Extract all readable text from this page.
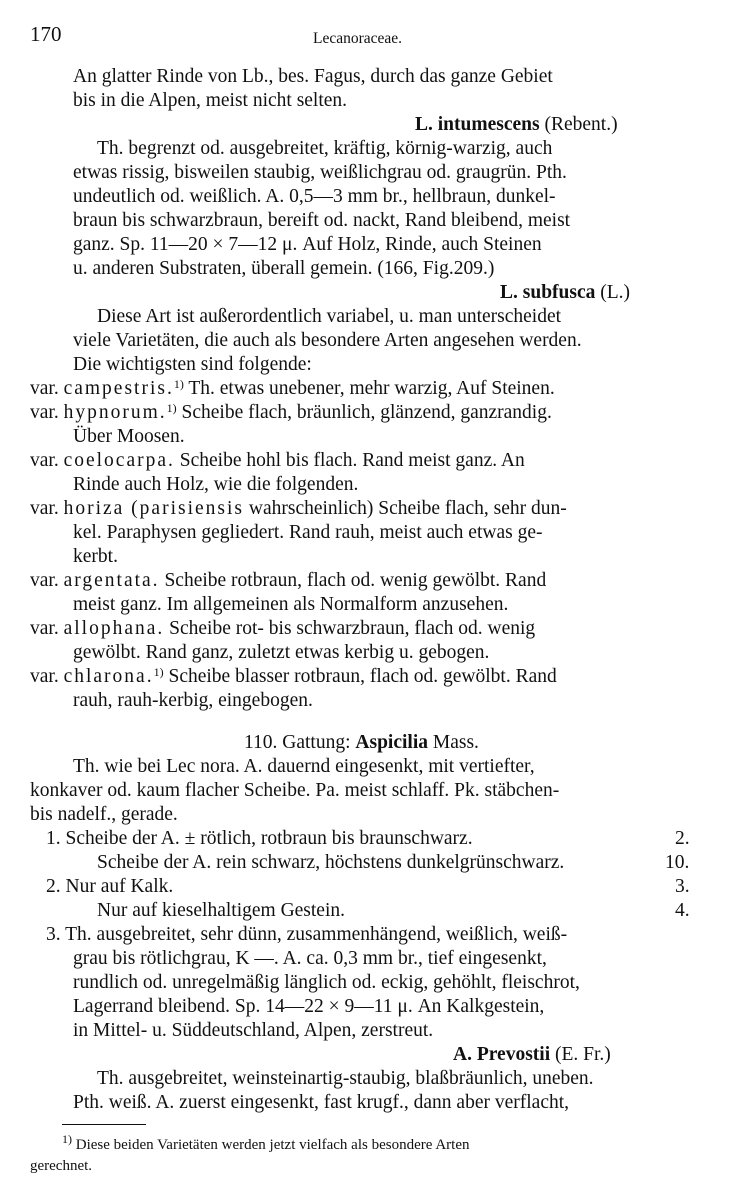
170	Lecanoraceae.
An glatter Rinde von Lb., bes. Fagus, durch das ganze Gebiet
bis in die Alpen, meist nicht selten.
L. intumescens (Rebent.)
Th. begrenzt od. ausgebreitet, kräftig, körnig-warzig, auch
etwas rissig, bisweilen staubig, weißlichgrau od. graugrün. Pth.
undeutlich od. weißlich. A. 0,5—3 mm br., hellbraun, dunkel-
braun bis schwarzbraun, bereift od. nackt, Rand bleibend, meist
ganz. Sp. 11—20 × 7—12 μ. Auf Holz, Rinde, auch Steinen
u. anderen Substraten, überall gemein. (166, Fig.209.)
L. subfusca (L.)
Diese Art ist außerordentlich variabel, u. man unterscheidet
viele Varietäten, die auch als besondere Arten angesehen werden.
Die wichtigsten sind folgende:
var. campestris.$^{1)}$ Th. etwas unebener, mehr warzig, Auf Steinen.
var. hypnorum.$^{1)}$ Scheibe flach, bräunlich, glänzend, ganzrandig.
Über Moosen.
var. coelocarpa. Scheibe hohl bis flach. Rand meist ganz. An
Rinde auch Holz, wie die folgenden.
var. horiza (parisiensis wahrscheinlich) Scheibe flach, sehr dun-
kel. Paraphysen gegliedert. Rand rauh, meist auch etwas ge-
kerbt.
var. argentata. Scheibe rotbraun, flach od. wenig gewölbt. Rand
meist ganz. Im allgemeinen als Normalform anzusehen.
var. allophana. Scheibe rot- bis schwarzbraun, flach od. wenig
gewölbt. Rand ganz, zuletzt etwas kerbig u. gebogen.
var. chlarona.$^{1)}$ Scheibe blasser rotbraun, flach od. gewölbt. Rand
rauh, rauh-kerbig, eingebogen.
110. Gattung: Aspicilia Mass.
Th. wie bei Lec nora. A. dauernd eingesenkt, mit vertiefter,
konkaver od. kaum flacher Scheibe. Pa. meist schlaff. Pk. stäbchen-
bis nadelf., gerade.
1. Scheibe der A. ± rötlich, rotbraun bis braunschwarz.	2.
Scheibe der A. rein schwarz, höchstens dunkelgrünschwarz.	10.
2. Nur auf Kalk.	3.
Nur auf kieselhaltigem Gestein.	4.
3. Th. ausgebreitet, sehr dünn, zusammenhängend, weißlich, weiß-
grau bis rötlichgrau, K —. A. ca. 0,3 mm br., tief eingesenkt,
rundlich od. unregelmäßig länglich od. eckig, gehöhlt, fleischrot,
Lagerrand bleibend. Sp. 14—22 × 9—11 μ. An Kalkgestein,
in Mittel- u. Süddeutschland, Alpen, zerstreut.
A. Prevostii (E. Fr.)
Th. ausgebreitet, weinsteinartig-staubig, blaßbräunlich, uneben.
Pth. weiß. A. zuerst eingesenkt, fast krugf., dann aber verflacht,
$^{1)}$ Diese beiden Varietäten werden jetzt vielfach als besondere Arten
gerechnet.
